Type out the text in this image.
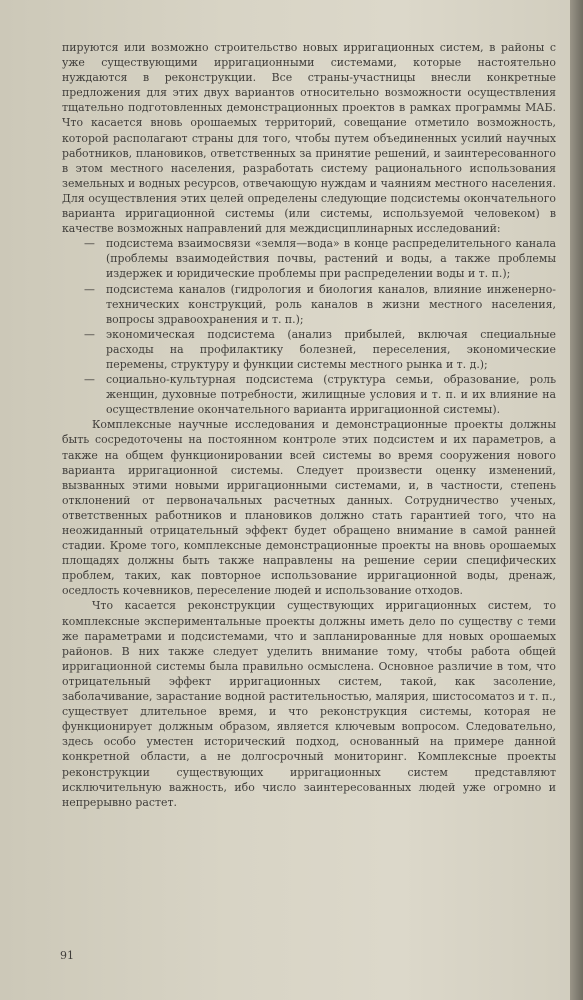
пируются или возможно строительство новых ирригационных систем, в районы с уже существующими ирригационными системами, которые настоятельно нуждаются в реконструкции. Все страны-участницы внесли конкретные предложения для этих двух вариантов относительно возможности осуществления тщательно подготовленных демонстрационных проектов в рамках программы МАБ. Что касается вновь орошаемых территорий, совещание отметило возможность, которой располагают страны для того, чтобы путем объединенных усилий научных работников, плановиков, ответственных за принятие решений, и заинтересованного в этом местного населения, разработать систему рационального использования земельных и водных ресурсов, отвечающую нуждам и чаяниям местного населения. Для осуществления этих целей определены следующие подсистемы окончательного варианта ирригационной системы (или системы, используемой человеком) в качестве возможных направлений для междисциплинарных исследований:

— подсистема взаимосвязи «земля—вода» в конце распределительного канала (проблемы взаимодействия почвы, растений и воды, а также проблемы издержек и юридические проблемы при распределении воды и т. п.);
— подсистема каналов (гидрология и биология каналов, влияние инженерно-технических конструкций, роль каналов в жизни местного населения, вопросы здравоохранения и т. п.);
— экономическая подсистема (анализ прибылей, включая специальные расходы на профилактику болезней, переселения, экономические перемены, структуру и функции системы местного рынка и т. д.);
— социально-культурная подсистема (структура семьи, образование, роль женщин, духовные потребности, жилищные условия и т. п. и их влияние на осуществление окончательного варианта ирригационной системы).

Комплексные научные исследования и демонстрационные проекты должны быть сосредоточены на постоянном контроле этих подсистем и их параметров, а также на общем функционировании всей системы во время сооружения нового варианта ирригационной системы. Следует произвести оценку изменений, вызванных этими новыми ирригационными системами, и, в частности, степень отклонений от первоначальных расчетных данных. Сотрудничество ученых, ответственных работников и плановиков должно стать гарантией того, что на неожиданный отрицательный эффект будет обращено внимание в самой ранней стадии. Кроме того, комплексные демонстрационные проекты на вновь орошаемых площадях должны быть также направлены на решение серии специфических проблем, таких, как повторное использование ирригационной воды, дренаж, оседлость кочевников, переселение людей и использование отходов.

Что касается реконструкции существующих ирригационных систем, то комплексные экспериментальные проекты должны иметь дело по существу с теми же параметрами и подсистемами, что и запланированные для новых орошаемых районов. В них также следует уделить внимание тому, чтобы работа общей ирригационной системы была правильно осмыслена. Основное различие в том, что отрицательный эффект ирригационных систем, такой, как засоление, заболачивание, зарастание водной растительностью, малярия, шистосоматоз и т. п., существует длительное время, и что реконструкция системы, которая не функционирует должным образом, является ключевым вопросом. Следовательно, здесь особо уместен исторический подход, основанный на примере данной конкретной области, а не долгосрочный мониторинг. Комплексные проекты реконструкции существующих ирригационных систем представляют исключительную важность, ибо число заинтересованных людей уже огромно и непрерывно растет.

91
